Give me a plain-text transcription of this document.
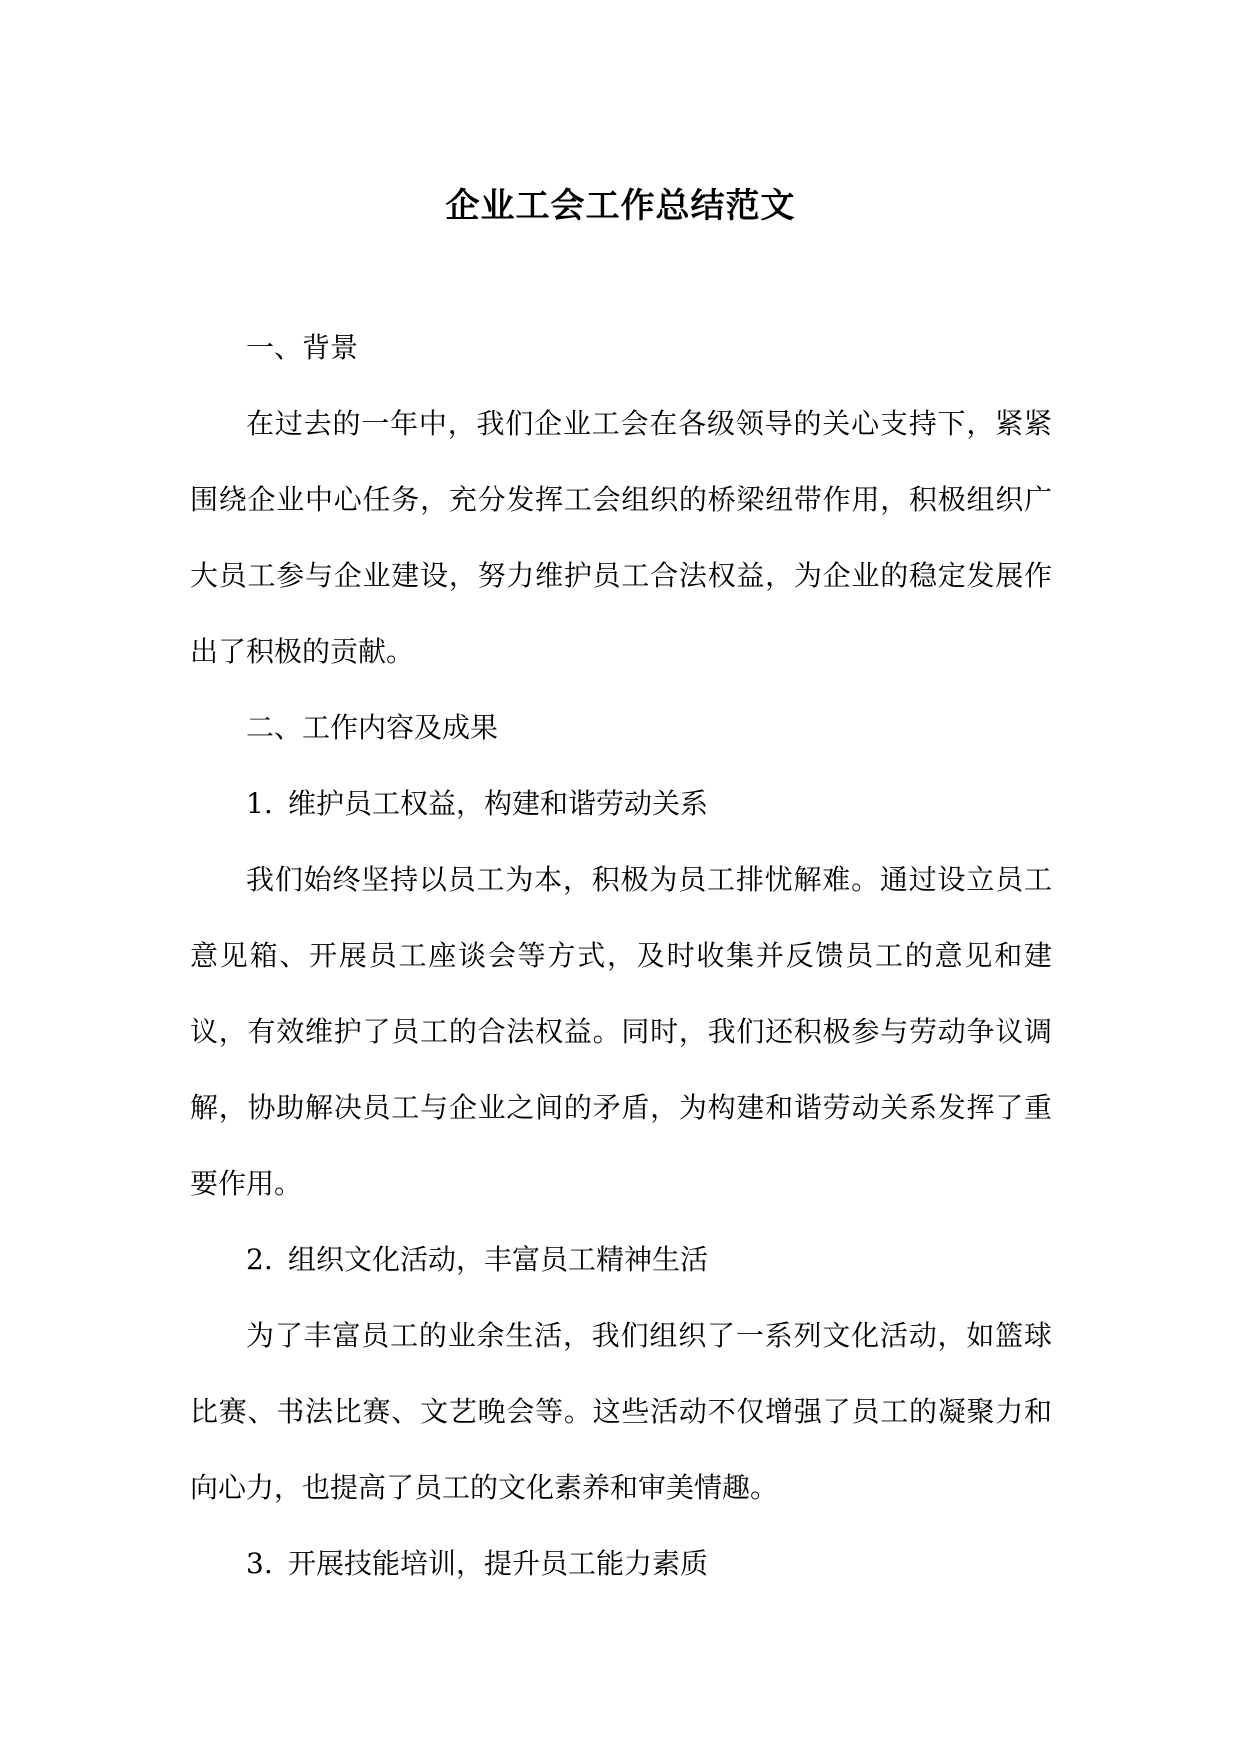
企业工会工作总结范文

一、背景

在过去的一年中，我们企业工会在各级领导的关心支持下，紧紧围绕企业中心任务，充分发挥工会组织的桥梁纽带作用，积极组织广大员工参与企业建设，努力维护员工合法权益，为企业的稳定发展作出了积极的贡献。

二、工作内容及成果

1. 维护员工权益，构建和谐劳动关系

我们始终坚持以员工为本，积极为员工排忧解难。通过设立员工意见箱、开展员工座谈会等方式，及时收集并反馈员工的意见和建议，有效维护了员工的合法权益。同时，我们还积极参与劳动争议调解，协助解决员工与企业之间的矛盾，为构建和谐劳动关系发挥了重要作用。

2. 组织文化活动，丰富员工精神生活

为了丰富员工的业余生活，我们组织了一系列文化活动，如篮球比赛、书法比赛、文艺晚会等。这些活动不仅增强了员工的凝聚力和向心力，也提高了员工的文化素养和审美情趣。

3. 开展技能培训，提升员工能力素质
